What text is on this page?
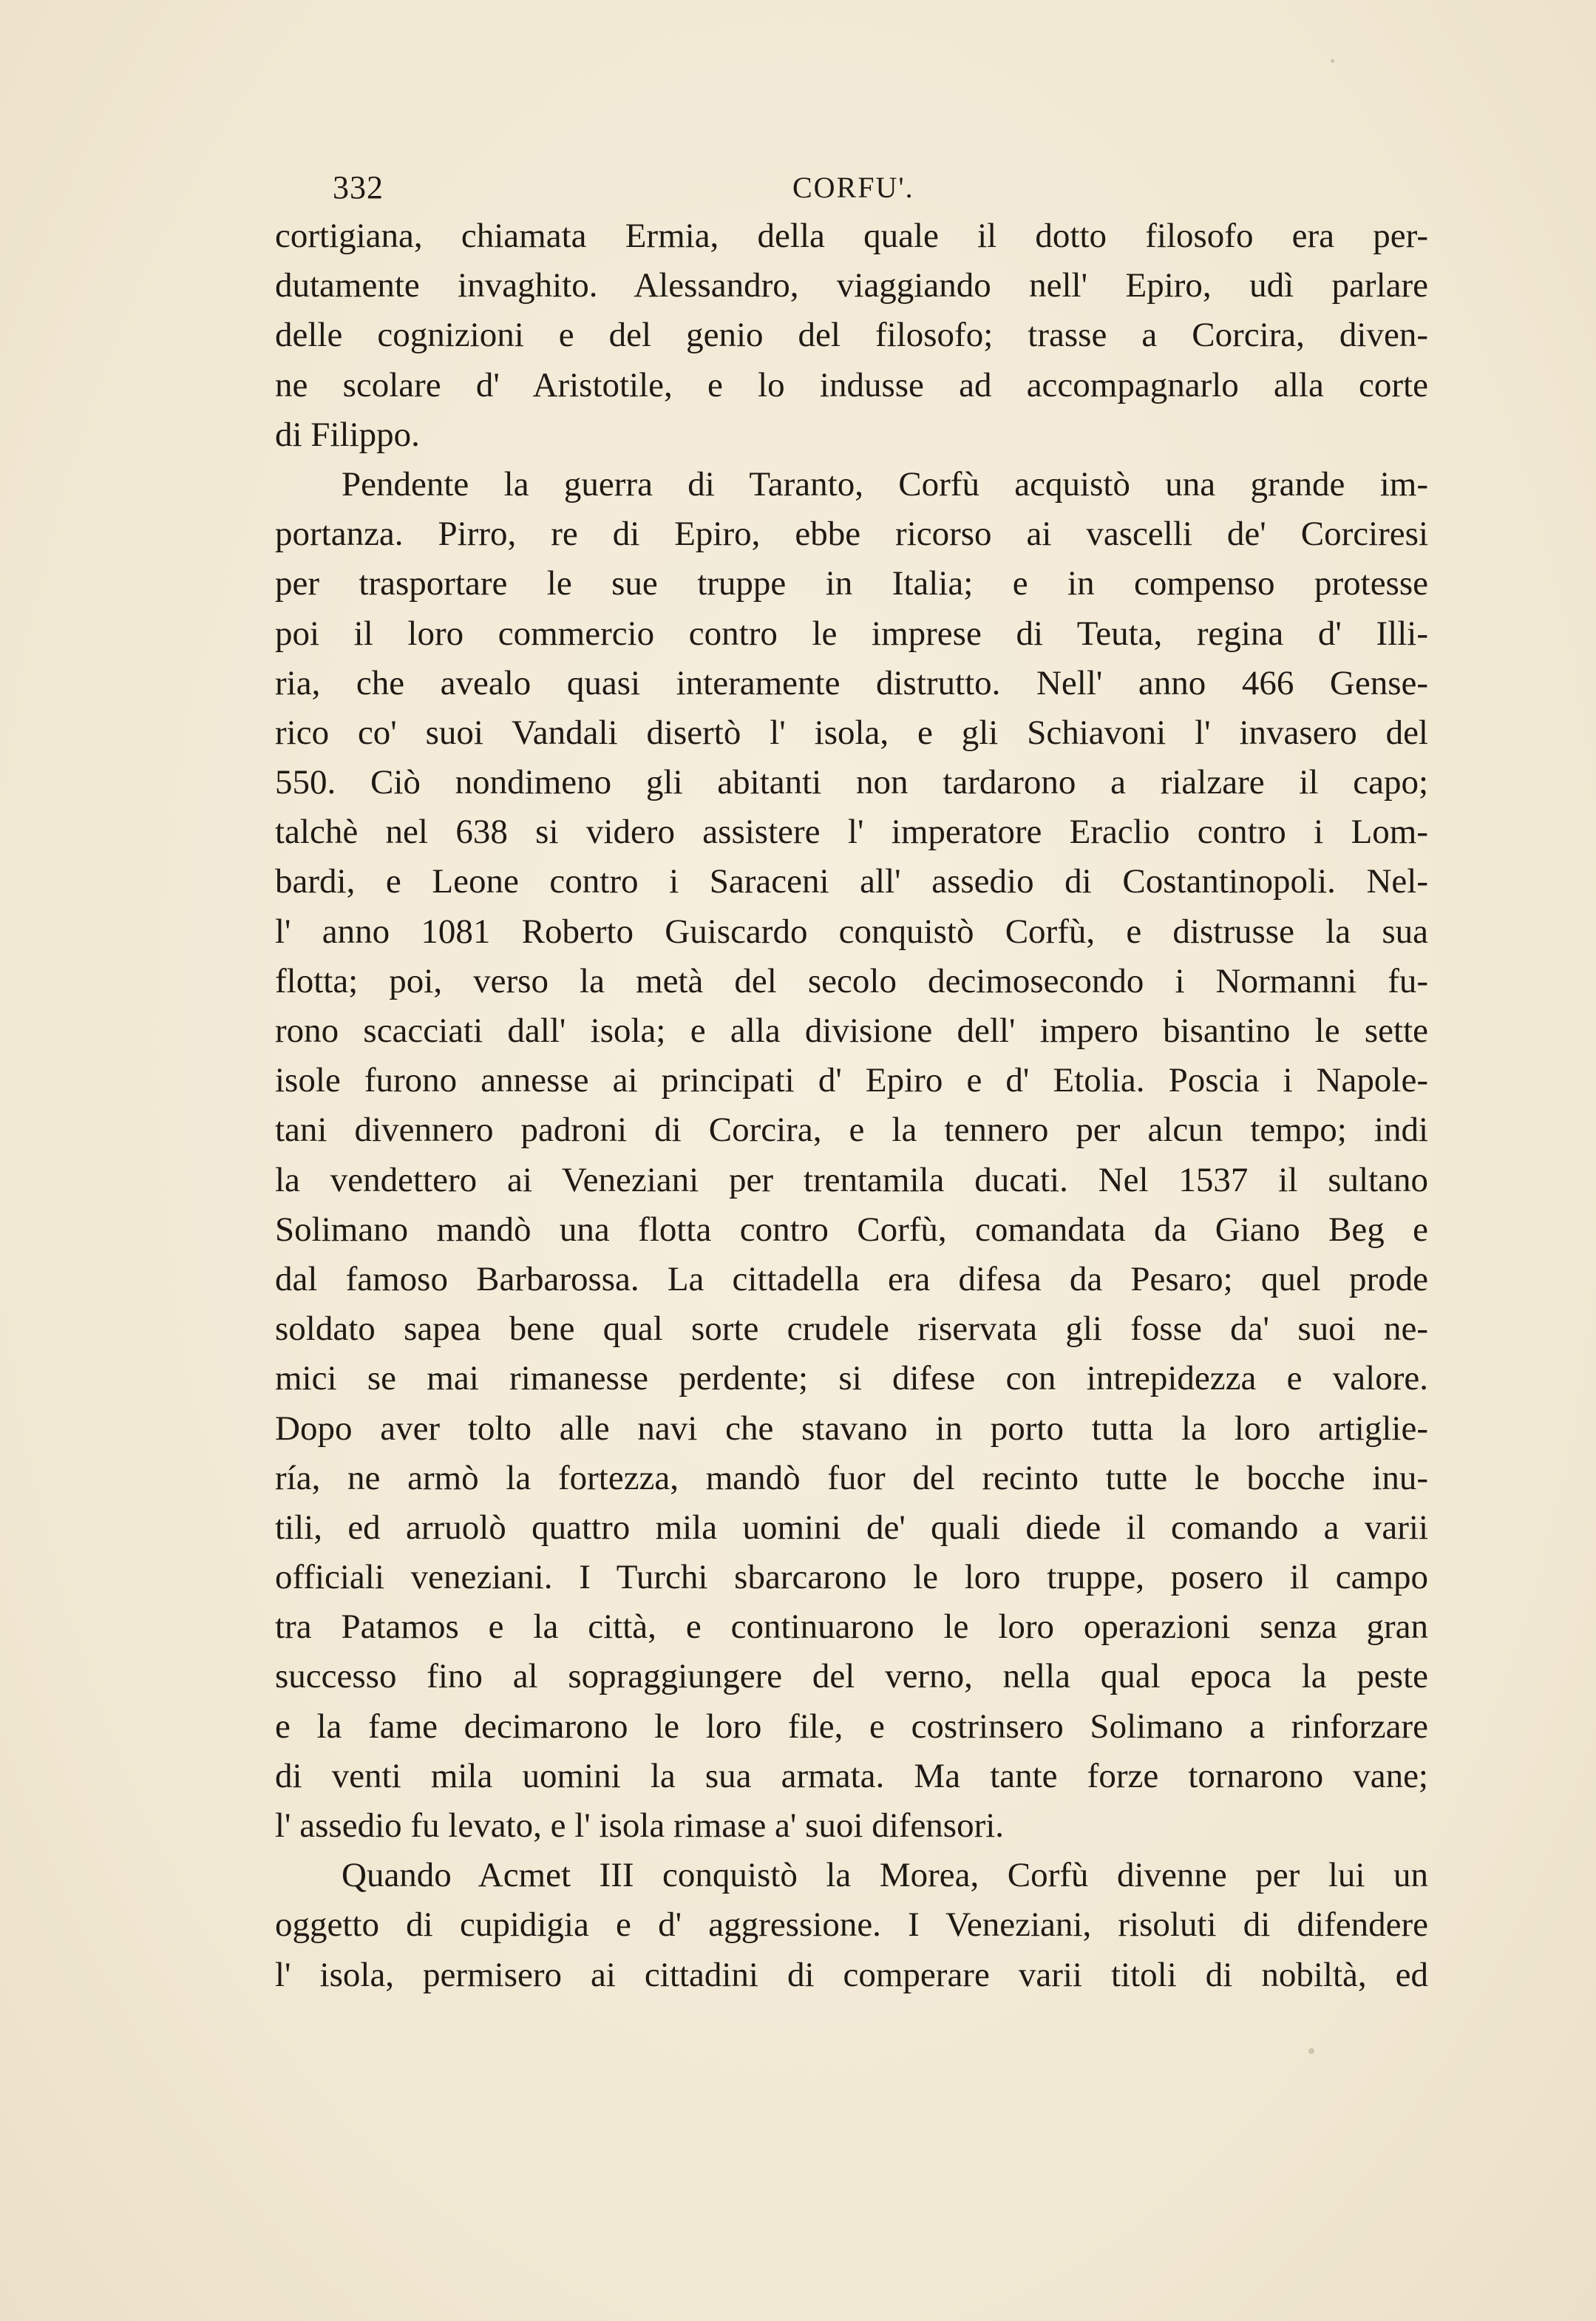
332	CORFU'.
cortigiana, chiamata Ermia, della quale il dotto filosofo era per-
dutamente invaghito. Alessandro, viaggiando nell' Epiro, udì parlare
delle cognizioni e del genio del filosofo; trasse a Corcira, diven-
ne scolare d' Aristotile, e lo indusse ad accompagnarlo alla corte
di Filippo.
Pendente la guerra di Taranto, Corfù acquistò una grande im-
portanza. Pirro, re di Epiro, ebbe ricorso ai vascelli de' Corciresi
per trasportare le sue truppe in Italia; e in compenso protesse
poi il loro commercio contro le imprese di Teuta, regina d' Illi-
ria, che avealo quasi interamente distrutto. Nell' anno 466 Gense-
rico co' suoi Vandali disertò l' isola, e gli Schiavoni l' invasero del
550. Ciò nondimeno gli abitanti non tardarono a rialzare il capo;
talchè nel 638 si videro assistere l' imperatore Eraclio contro i Lom-
bardi, e Leone contro i Saraceni all' assedio di Costantinopoli. Nel-
l' anno 1081 Roberto Guiscardo conquistò Corfù, e distrusse la sua
flotta; poi, verso la metà del secolo decimosecondo i Normanni fu-
rono scacciati dall' isola; e alla divisione dell' impero bisantino le sette
isole furono annesse ai principati d' Epiro e d' Etolia. Poscia i Napole-
tani divennero padroni di Corcira, e la tennero per alcun tempo; indi
la vendettero ai Veneziani per trentamila ducati. Nel 1537 il sultano
Solimano mandò una flotta contro Corfù, comandata da Giano Beg e
dal famoso Barbarossa. La cittadella era difesa da Pesaro; quel prode
soldato sapea bene qual sorte crudele riservata gli fosse da' suoi ne-
mici se mai rimanesse perdente; si difese con intrepidezza e valore.
Dopo aver tolto alle navi che stavano in porto tutta la loro artiglie-
ría, ne armò la fortezza, mandò fuor del recinto tutte le bocche inu-
tili, ed arruolò quattro mila uomini de' quali diede il comando a varii
officiali veneziani. I Turchi sbarcarono le loro truppe, posero il campo
tra Patamos e la città, e continuarono le loro operazioni senza gran
successo fino al sopraggiungere del verno, nella qual epoca la peste
e la fame decimarono le loro file, e costrinsero Solimano a rinforzare
di venti mila uomini la sua armata. Ma tante forze tornarono vane;
l' assedio fu levato, e l' isola rimase a' suoi difensori.
Quando Acmet III conquistò la Morea, Corfù divenne per lui un
oggetto di cupidigia e d' aggressione. I Veneziani, risoluti di difendere
l' isola, permisero ai cittadini di comperare varii titoli di nobiltà, ed
